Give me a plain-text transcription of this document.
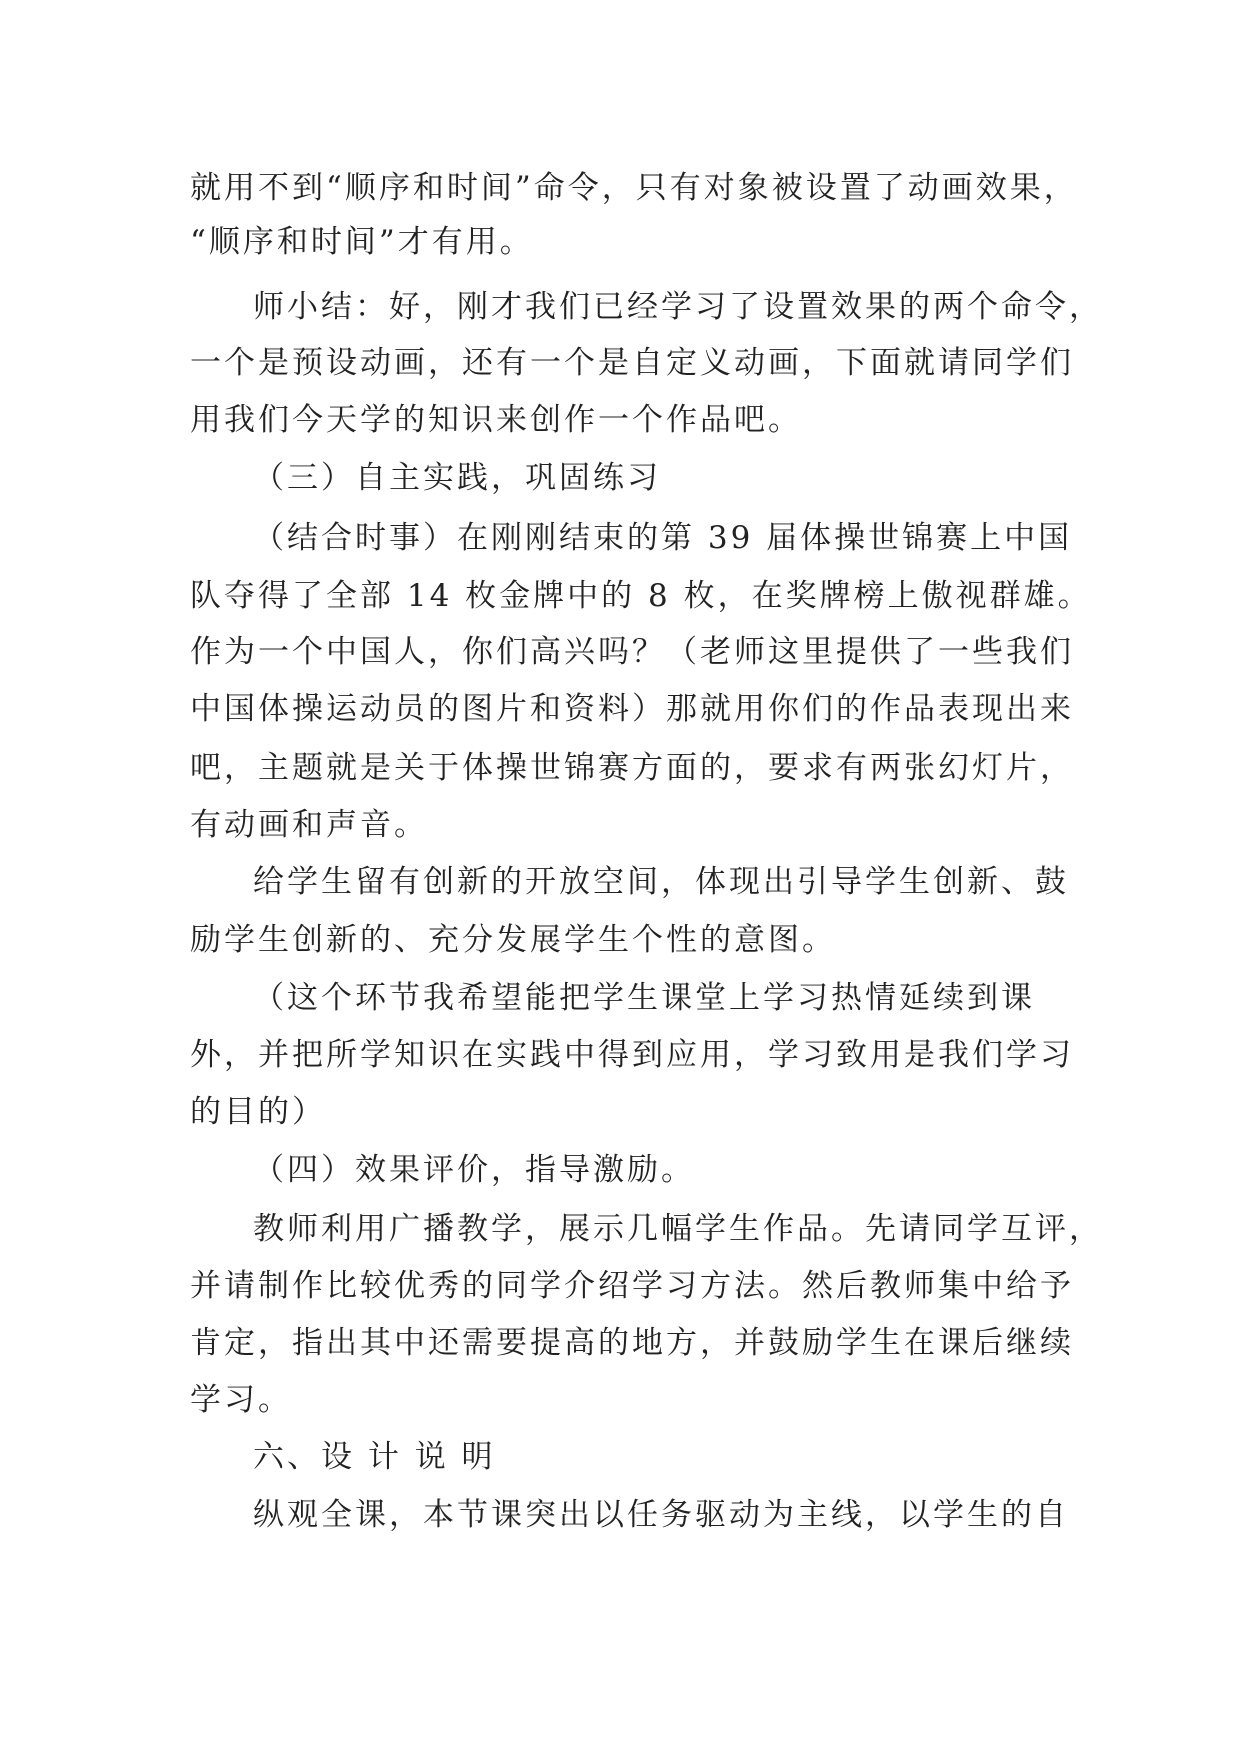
就用不到“顺序和时间”命令，只有对象被设置了动画效果，
“顺序和时间”才有用。
师小结：好，刚才我们已经学习了设置效果的两个命令，
一个是预设动画，还有一个是自定义动画，下面就请同学们
用我们今天学的知识来创作一个作品吧。
（三）自主实践，巩固练习
（结合时事）在刚刚结束的第 39 届体操世锦赛上中国
队夺得了全部 14 枚金牌中的 8 枚，在奖牌榜上傲视群雄。
作为一个中国人，你们高兴吗？（老师这里提供了一些我们
中国体操运动员的图片和资料）那就用你们的作品表现出来
吧，主题就是关于体操世锦赛方面的，要求有两张幻灯片，
有动画和声音。
给学生留有创新的开放空间，体现出引导学生创新、鼓
励学生创新的、充分发展学生个性的意图。
（这个环节我希望能把学生课堂上学习热情延续到课
外，并把所学知识在实践中得到应用，学习致用是我们学习
的目的）
（四）效果评价，指导激励。
教师利用广播教学，展示几幅学生作品。先请同学互评，
并请制作比较优秀的同学介绍学习方法。然后教师集中给予
肯定，指出其中还需要提高的地方，并鼓励学生在课后继续
学习。
六、设 计 说 明
纵观全课，本节课突出以任务驱动为主线，以学生的自
